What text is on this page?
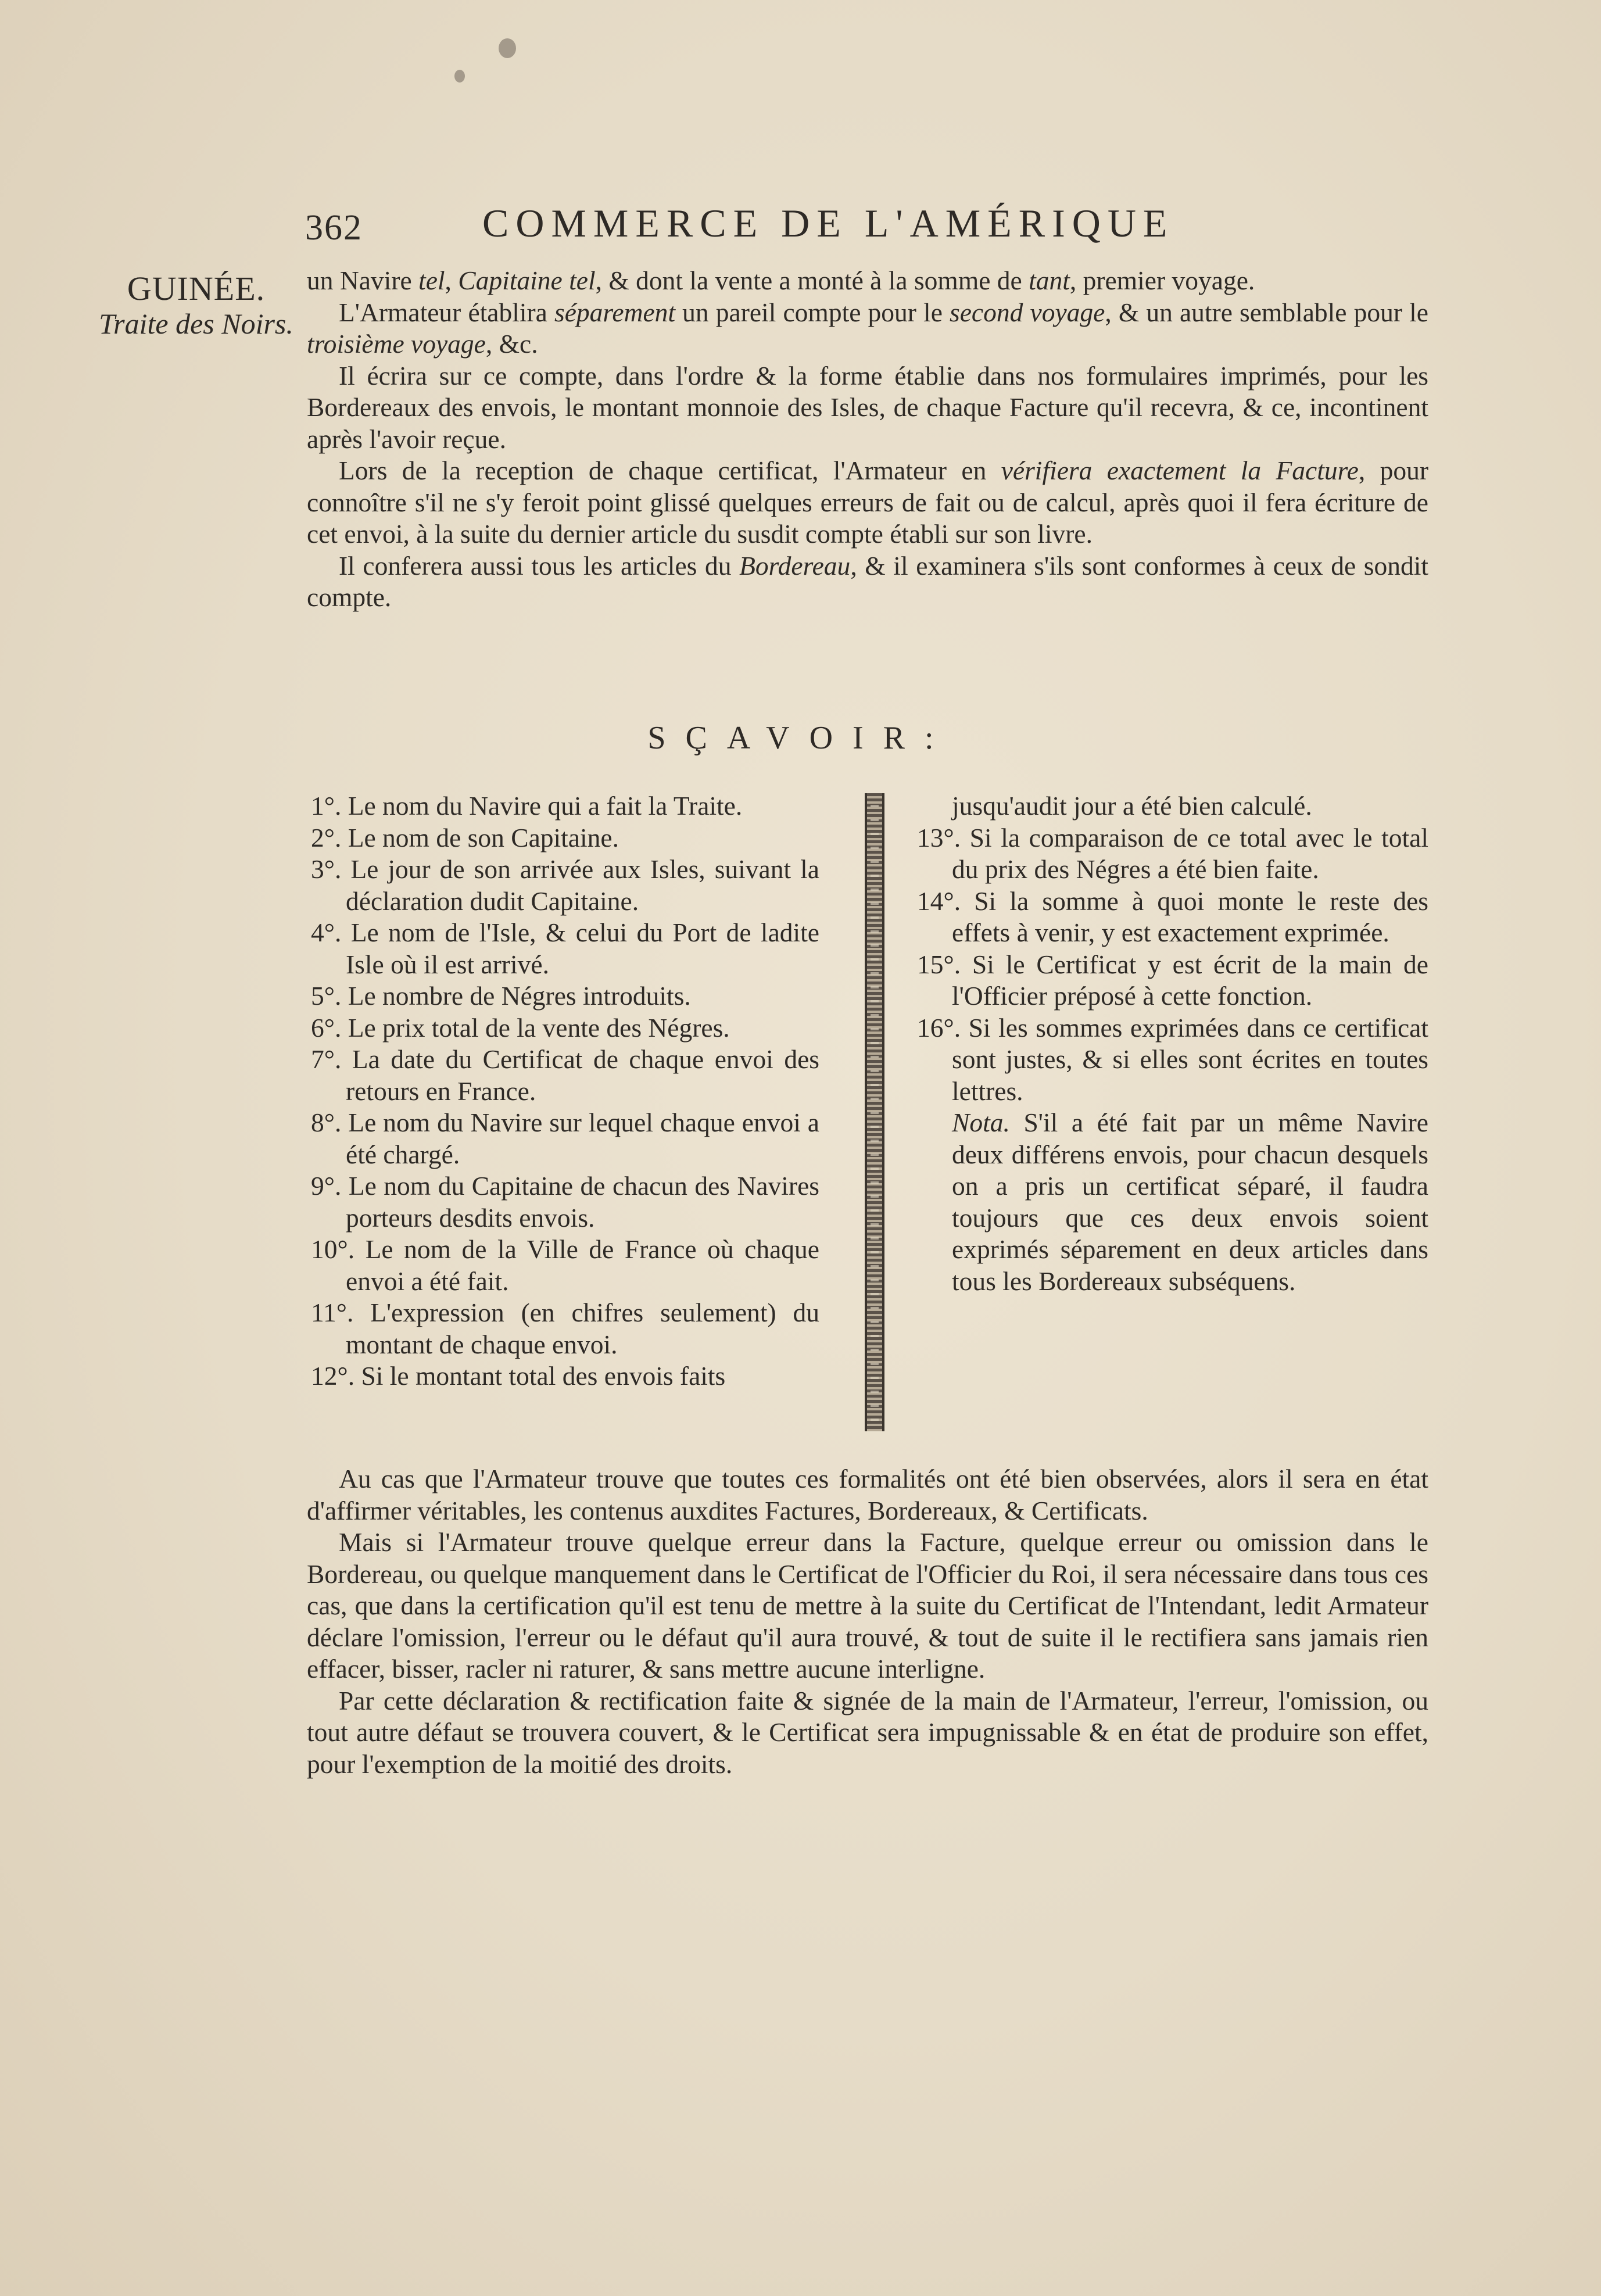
362	COMMERCE DE L'AMÉRIQUE
GUINÉE.
Traite des Noirs.

un Navire tel, Capitaine tel, & dont la vente a monté à la somme de tant, premier voyage.

L'Armateur établira séparement un pareil compte pour le second voyage, & un autre semblable pour le troisième voyage, &c.

Il écrira sur ce compte, dans l'ordre & la forme établie dans nos formulaires imprimés, pour les Bordereaux des envois, le montant monnoie des Isles, de chaque Facture qu'il recevra, & ce, incontinent après l'avoir reçue.

Lors de la reception de chaque certificat, l'Armateur en vérifiera exactement la Facture, pour connoître s'il ne s'y feroit point glissé quelques erreurs de fait ou de calcul, après quoi il fera écriture de cet envoi, à la suite du dernier article du susdit compte établi sur son livre.

Il conferera aussi tous les articles du Bordereau, & il examinera s'ils sont conformes à ceux de sondit compte.

SÇAVOIR:

1°. Le nom du Navire qui a fait la Traite.

2°. Le nom de son Capitaine.

3°. Le jour de son arrivée aux Isles, suivant la déclaration dudit Capitaine.

4°. Le nom de l'Isle, & celui du Port de ladite Isle où il est arrivé.

5°. Le nombre de Négres introduits.

6°. Le prix total de la vente des Négres.

7°. La date du Certificat de chaque envoi des retours en France.

8°. Le nom du Navire sur lequel chaque envoi a été chargé.

9°. Le nom du Capitaine de chacun des Navires porteurs desdits envois.

10°. Le nom de la Ville de France où chaque envoi a été fait.

11°. L'expression (en chifres seulement) du montant de chaque envoi.

12°. Si le montant total des envois faits

jusqu'audit jour a été bien calculé.

13°. Si la comparaison de ce total avec le total du prix des Négres a été bien faite.

14°. Si la somme à quoi monte le reste des effets à venir, y est exactement exprimée.

15°. Si le Certificat y est écrit de la main de l'Officier préposé à cette fonction.

16°. Si les sommes exprimées dans ce certificat sont justes, & si elles sont écrites en toutes lettres.

Nota. S'il a été fait par un même Navire deux différens envois, pour chacun desquels on a pris un certificat séparé, il faudra toujours que ces deux envois soient exprimés séparement en deux articles dans tous les Bordereaux subséquens.

Au cas que l'Armateur trouve que toutes ces formalités ont été bien observées, alors il sera en état d'affirmer véritables, les contenus auxdites Factures, Bordereaux, & Certificats.

Mais si l'Armateur trouve quelque erreur dans la Facture, quelque erreur ou omission dans le Bordereau, ou quelque manquement dans le Certificat de l'Officier du Roi, il sera nécessaire dans tous ces cas, que dans la certification qu'il est tenu de mettre à la suite du Certificat de l'Intendant, ledit Armateur déclare l'omission, l'erreur ou le défaut qu'il aura trouvé, & tout de suite il le rectifiera sans jamais rien effacer, bisser, racler ni raturer, & sans mettre aucune interligne.

Par cette déclaration & rectification faite & signée de la main de l'Armateur, l'erreur, l'omission, ou tout autre défaut se trouvera couvert, & le Certificat sera impugnissable & en état de produire son effet, pour l'exemption de la moitié des droits.
